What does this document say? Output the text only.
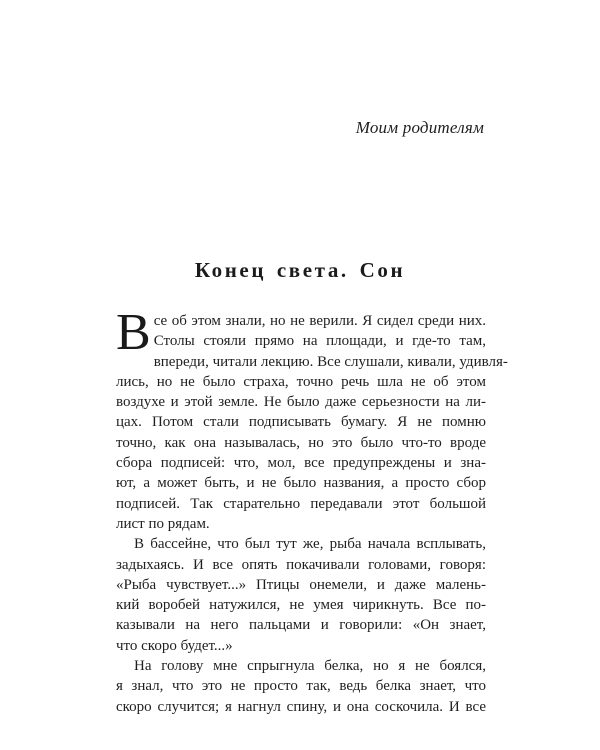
Моим родителям
Конец света. Сон
В се об этом знали, но не верили. Я сидел среди них.
Столы стояли прямо на площади, и где-то там,
впереди, читали лекцию. Все слушали, кивали, удивля-
лись, но не было страха, точно речь шла не об этом
воздухе и этой земле. Не было даже серьезности на ли-
цах. Потом стали подписывать бумагу. Я не помню
точно, как она называлась, но это было что-то вроде
сбора подписей: что, мол, все предупреждены и зна-
ют, а может быть, и не было названия, а просто сбор
подписей. Так старательно передавали этот большой
лист по рядам.
В бассейне, что был тут же, рыба начала всплывать,
задыхаясь. И все опять покачивали головами, говоря:
«Рыба чувствует...» Птицы онемели, и даже малень-
кий воробей натужился, не умея чирикнуть. Все по-
казывали на него пальцами и говорили: «Он знает,
что скоро будет...»
На голову мне спрыгнула белка, но я не боялся,
я знал, что это не просто так, ведь белка знает, что
скоро случится; я нагнул спину, и она соскочила. И все
